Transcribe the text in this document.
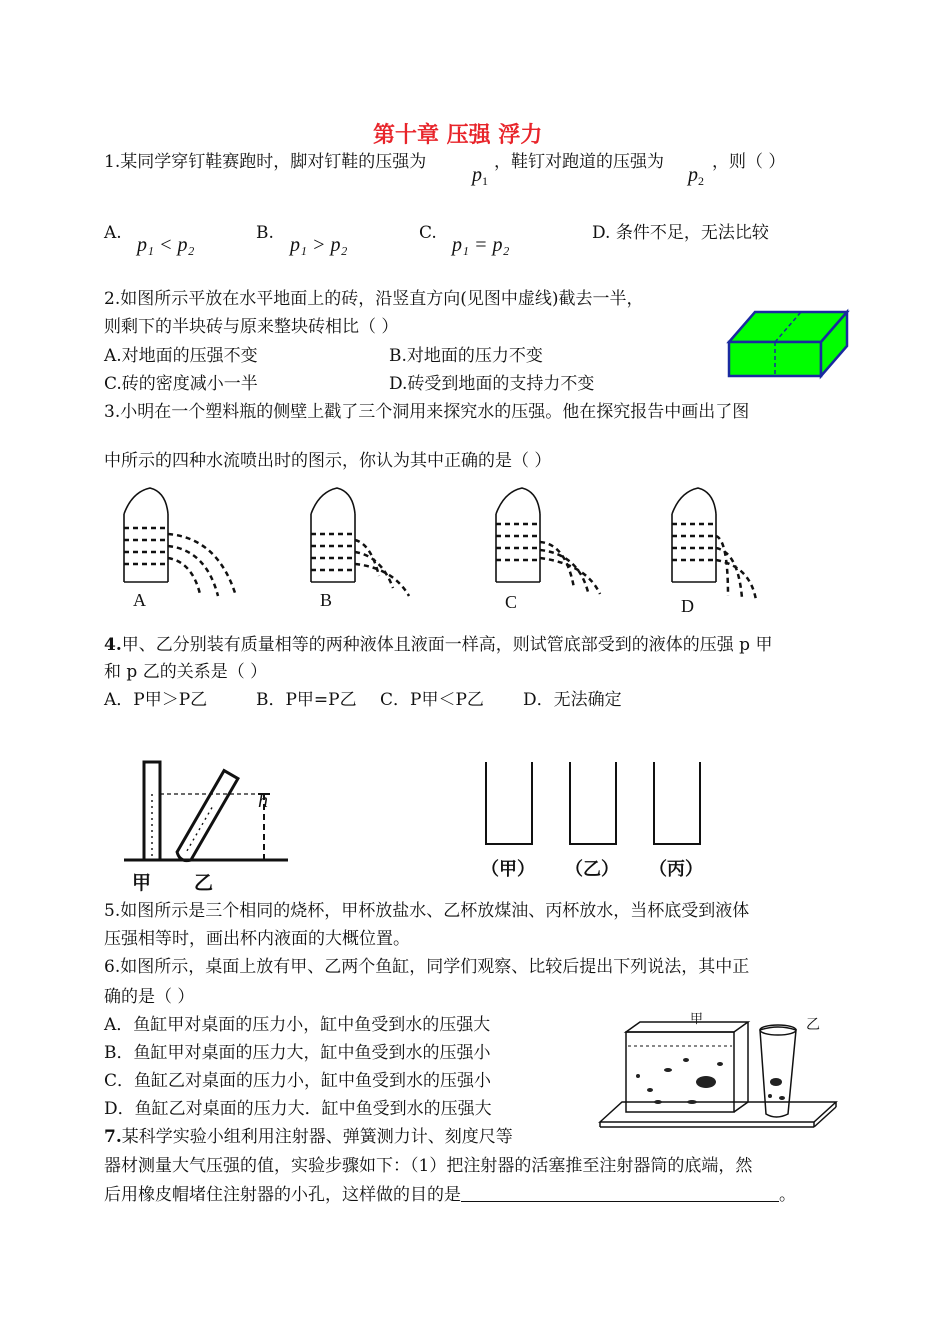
第十章 压强 浮力
1.某同学穿钉鞋赛跑时，脚对钉鞋的压强为
$p_1$
，鞋钉对跑道的压强为
$p_2$
，则（ ）
A.
p₁ < p₂
B.
p₁ > p₂
C.
p₁ = p₂
D. 条件不足，无法比较
2.如图所示平放在水平地面上的砖，沿竖直方向(见图中虚线)截去一半，
则剩下的半块砖与原来整块砖相比（ ）
A.对地面的压强不变	B.对地面的压力不变
C.砖的密度减小一半	D.砖受到地面的支持力不变
3.小明在一个塑料瓶的侧壁上戳了三个洞用来探究水的压强。他在探究报告中画出了图
中所示的四种水流喷出时的图示，你认为其中正确的是（ ）
A	B	C	D
4.甲、乙分别装有质量相等的两种液体且液面一样高，则试管底部受到的液体的压强 p 甲
和 p 乙的关系是（ ）
A．P甲＞P乙	B．P甲=P乙 C．P甲＜P乙 D．无法确定
h
甲 乙
（甲） （乙） （丙）
5.如图所示是三个相同的烧杯，甲杯放盐水、乙杯放煤油、丙杯放水，当杯底受到液体
压强相等时，画出杯内液面的大概位置。
6.如图所示，桌面上放有甲、乙两个鱼缸，同学们观察、比较后提出下列说法，其中正
确的是（ ）
A．鱼缸甲对桌面的压力小，缸中鱼受到水的压强大
B．鱼缸甲对桌面的压力大，缸中鱼受到水的压强小
C．鱼缸乙对桌面的压力小，缸中鱼受到水的压强小
D．鱼缸乙对桌面的压力大．缸中鱼受到水的压强大
甲	乙
7.某科学实验小组利用注射器、弹簧测力计、刻度尺等
器材测量大气压强的值，实验步骤如下：（1）把注射器的活塞推至注射器筒的底端，然
后用橡皮帽堵住注射器的小孔，这样做的目的是	。
